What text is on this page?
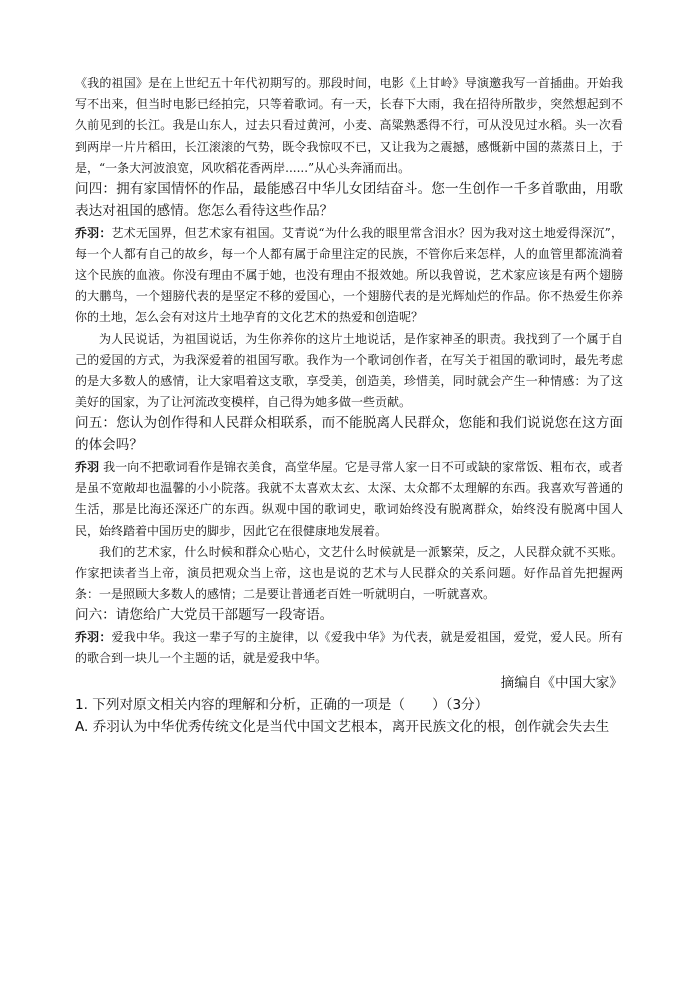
《我的祖国》是在上世纪五十年代初期写的。那段时间，电影《上甘岭》导演邀我写一首插曲。开始我写不出来，但当时电影已经拍完，只等着歌词。有一天，长春下大雨，我在招待所散步，突然想起到不久前见到的长江。我是山东人，过去只看过黄河，小麦、高粱熟悉得不行，可从没见过水稻。头一次看到两岸一片片稻田，长江滚滚的气势，既令我惊叹不已，又让我为之震撼，感慨新中国的蒸蒸日上，于是，“一条大河波浪宽，风吹稻花香两岸......”从心头奔涌而出。

问四：拥有家国情怀的作品，最能感召中华儿女团结奋斗。您一生创作一千多首歌曲，用歌表达对祖国的感情。您怎么看待这些作品？

乔羽：艺术无国界，但艺术家有祖国。艾青说“为什么我的眼里常含泪水？因为我对这土地爱得深沉”，每一个人都有自己的故乡，每一个人都有属于命里注定的民族，不管你后来怎样，人的血管里都流淌着这个民族的血液。你没有理由不属于她，也没有理由不报效她。所以我曾说，艺术家应该是有两个翅膀的大鹏鸟，一个翅膀代表的是坚定不移的爱国心，一个翅膀代表的是光辉灿烂的作品。你不热爱生你养你的土地，怎么会有对这片土地孕育的文化艺术的热爱和创造呢？

为人民说话，为祖国说话，为生你养你的这片土地说话，是作家神圣的职责。我找到了一个属于自己的爱国的方式，为我深爱着的祖国写歌。我作为一个歌词创作者，在写关于祖国的歌词时，最先考虑的是大多数人的感情，让大家唱着这支歌，享受美，创造美，珍惜美，同时就会产生一种情感：为了这美好的国家，为了让河流改变模样，自己得为她多做一些贡献。

问五：您认为创作得和人民群众相联系，而不能脱离人民群众，您能和我们说说您在这方面的体会吗？

乔羽 我一向不把歌词看作是锦衣美食，高堂华屋。它是寻常人家一日不可或缺的家常饭、粗布衣，或者是虽不宽敞却也温馨的小小院落。我就不太喜欢太玄、太深、太众都不太理解的东西。我喜欢写普通的生活，那是比海还深还广的东西。纵观中国的歌词史，歌词始终没有脱离群众，始终没有脱离中国人民，始终踏着中国历史的脚步，因此它在很健康地发展着。

我们的艺术家，什么时候和群众心贴心，文艺什么时候就是一派繁荣，反之，人民群众就不买账。作家把读者当上帝，演员把观众当上帝，这也是说的艺术与人民群众的关系问题。好作品首先把握两条：一是照顾大多数人的感情；二是要让普通老百姓一听就明白，一听就喜欢。

问六：请您给广大党员干部题写一段寄语。

乔羽：爱我中华。我这一辈子写的主旋律，以《爱我中华》为代表，就是爱祖国，爱党，爱人民。所有的歌合到一块儿一个主题的话，就是爱我中华。

摘编自《中国大家》

1. 下列对原文相关内容的理解和分析，正确的一项是（　　）（3分）

A. 乔羽认为中华优秀传统文化是当代中国文艺根本，离开民族文化的根，创作就会失去生
